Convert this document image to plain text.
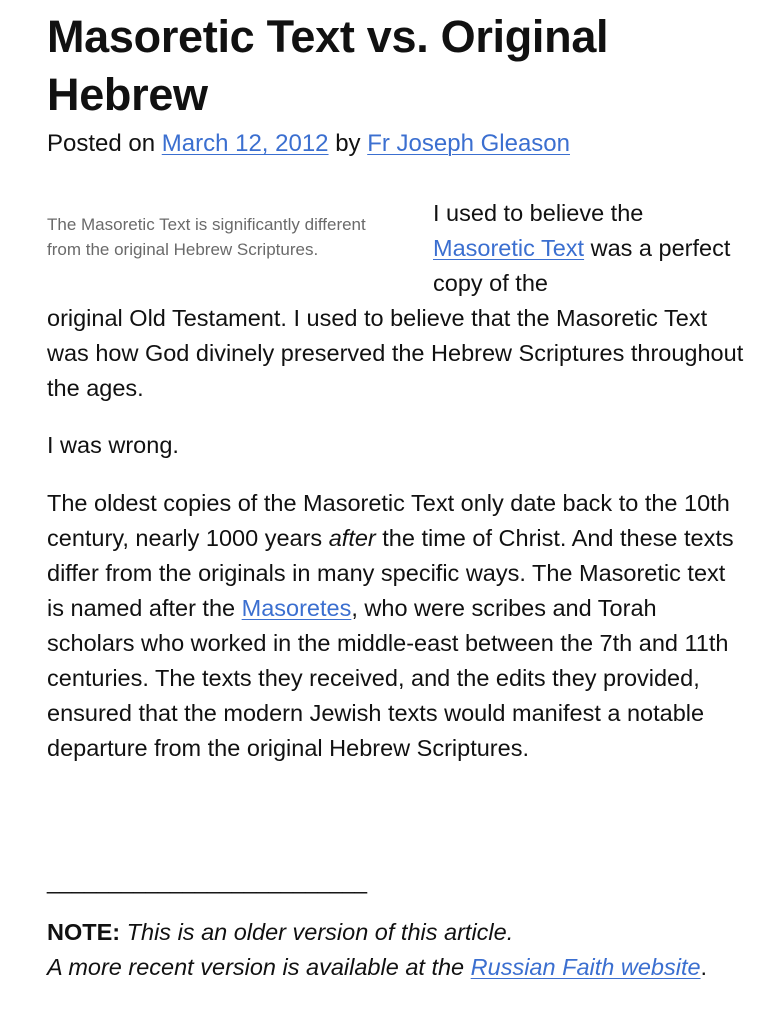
Masoretic Text vs. Original Hebrew

Posted on March 12, 2012 by Fr Joseph Gleason

The Masoretic Text is significantly different from the original Hebrew Scriptures.

I used to believe the Masoretic Text was a perfect copy of the

original Old Testament. I used to believe that the Masoretic Text was how God divinely preserved the Hebrew Scriptures throughout the ages.

I was wrong.

The oldest copies of the Masoretic Text only date back to the 10th century, nearly 1000 years after the time of Christ. And these texts differ from the originals in many specific ways. The Masoretic text is named after the Masoretes, who were scribes and Torah scholars who worked in the middle-east between the 7th and 11th centuries. The texts they received, and the edits they provided, ensured that the modern Jewish texts would manifest a notable departure from the original Hebrew Scriptures.

__________________________

NOTE: This is an older version of this article.
A more recent version is available at the Russian Faith website.
